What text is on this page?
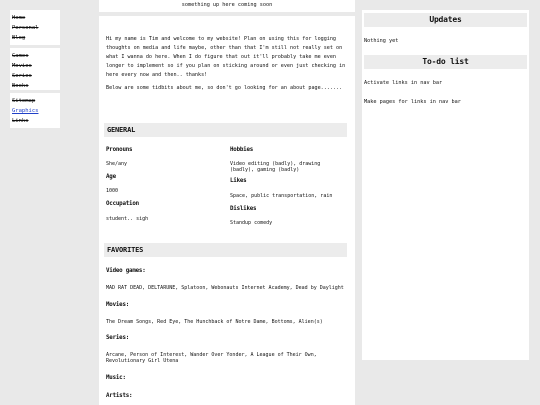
Home
Personal
Blog
Games
Movies
Series
Books
Sitemap
Graphics
Links
something up here coming soon

Hi my name is Tim and welcome to my website! Plan on using this for logging thoughts on media and life maybe, other than that I'm still not really set on what I wanna do here. When I do figure that out it'll probably take me even longer to implement so if you plan on sticking around or even just checking in here every now and then.. thanks!

Below are some tidbits about me, so don't go looking for an about page.......

GENERAL
Pronouns
She/any
Age
1000
Occupation
student.. sigh
Hobbies
Video editing (badly), drawing (badly), gaming (badly)
Likes
Space, public transportation, rain
Dislikes
Standup comedy
FAVORITES
Video games:
MAD RAT DEAD, DELTARUNE, Splatoon, Webonauts Internet Academy, Dead by Daylight
Movies:
The Dream Songs, Red Eye, The Hunchback of Notre Dame, Bottoms, Alien(s)
Series:
Arcane, Person of Interest, Wander Over Yonder, A League of Their Own, Revolutionary Girl Utena
Music:
Artists:
Updates
Nothing yet
To-do list
Activate links in nav bar
Make pages for links in nav bar
